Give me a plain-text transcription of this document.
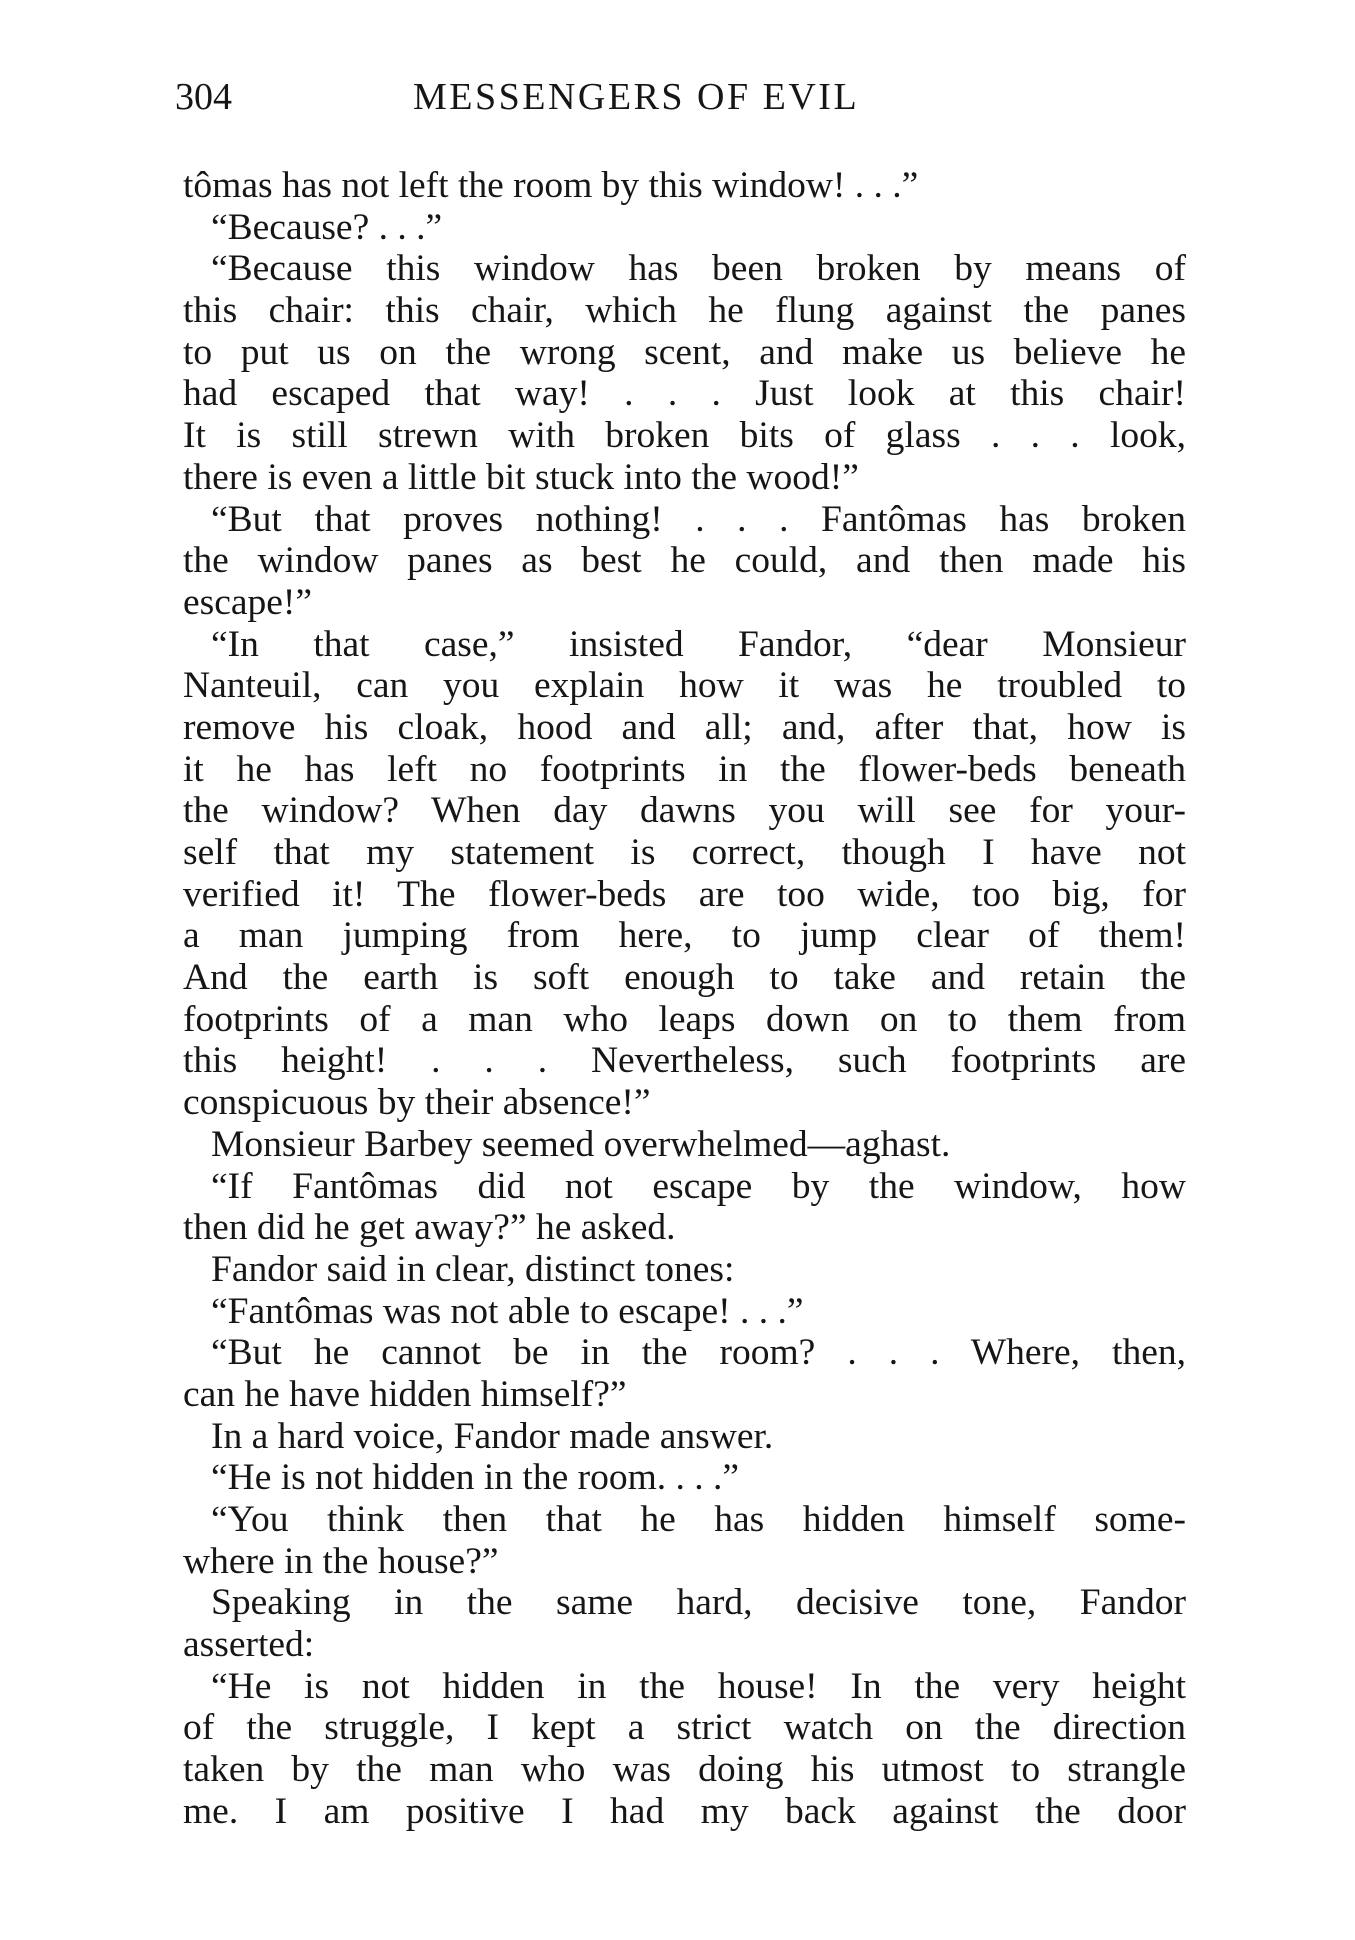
304	MESSENGERS OF EVIL
tômas has not left the room by this window! . . .”
“Because? . . .”
“Because this window has been broken by means of
this chair: this chair, which he flung against the panes
to put us on the wrong scent, and make us believe he
had escaped that way! . . . Just look at this chair!
It is still strewn with broken bits of glass . . . look,
there is even a little bit stuck into the wood!”
“But that proves nothing! . . . Fantômas has broken
the window panes as best he could, and then made his
escape!”
“In that case,” insisted Fandor, “dear Monsieur
Nanteuil, can you explain how it was he troubled to
remove his cloak, hood and all; and, after that, how is
it he has left no footprints in the flower-beds beneath
the window? When day dawns you will see for your-
self that my statement is correct, though I have not
verified it! The flower-beds are too wide, too big, for
a man jumping from here, to jump clear of them!
And the earth is soft enough to take and retain the
footprints of a man who leaps down on to them from
this height! . . . Nevertheless, such footprints are
conspicuous by their absence!”
Monsieur Barbey seemed overwhelmed—aghast.
“If Fantômas did not escape by the window, how
then did he get away?” he asked.
Fandor said in clear, distinct tones:
“Fantômas was not able to escape! . . .”
“But he cannot be in the room? . . . Where, then,
can he have hidden himself?”
In a hard voice, Fandor made answer.
“He is not hidden in the room. . . .”
“You think then that he has hidden himself some-
where in the house?”
Speaking in the same hard, decisive tone, Fandor
asserted:
“He is not hidden in the house! In the very height
of the struggle, I kept a strict watch on the direction
taken by the man who was doing his utmost to strangle
me. I am positive I had my back against the door
